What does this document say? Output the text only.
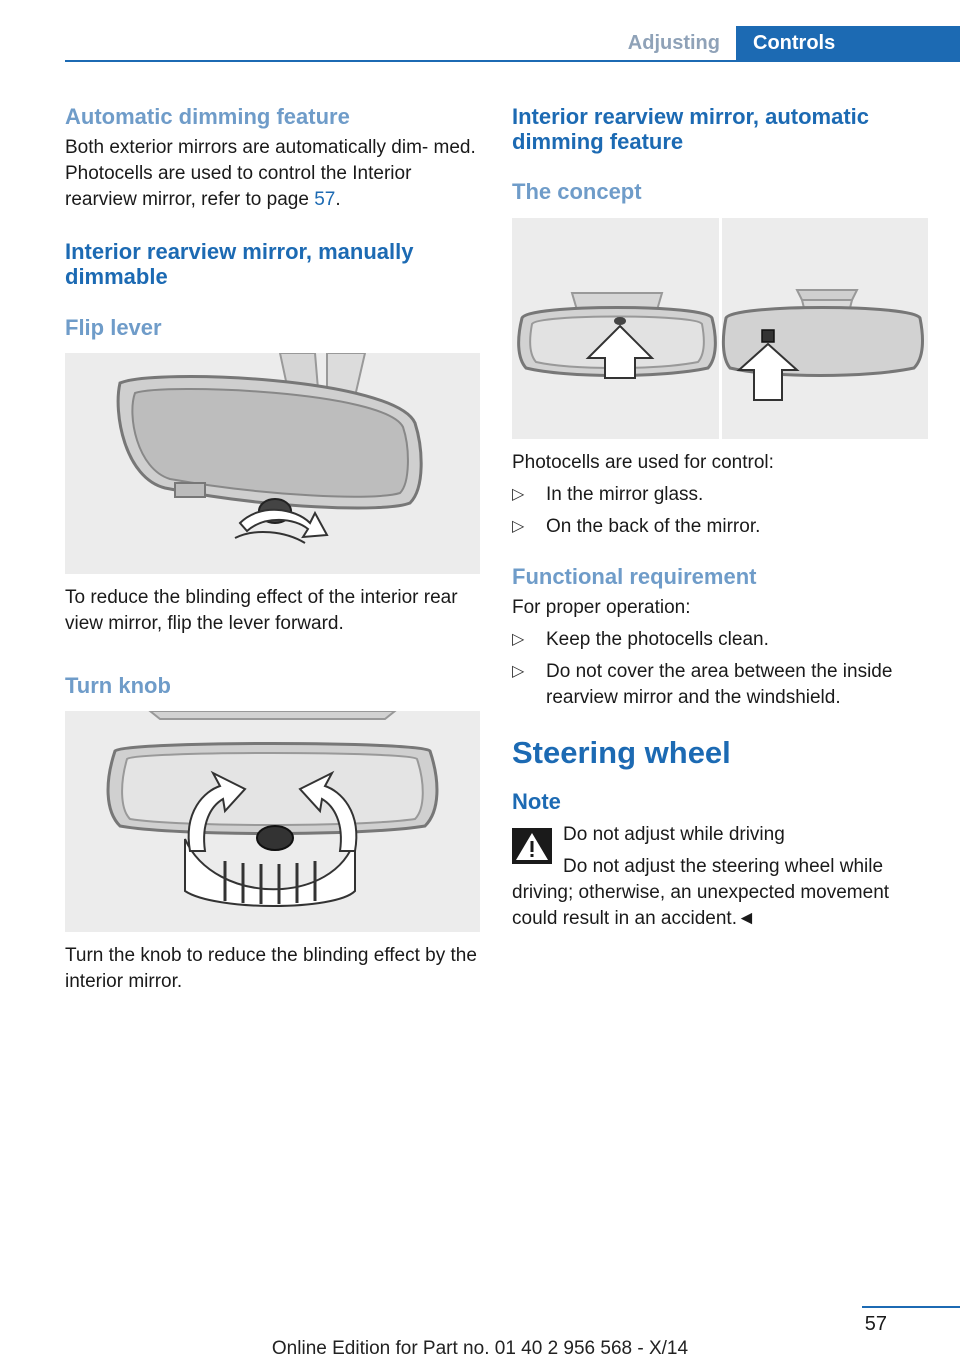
Adjusting	Controls
Automatic dimming feature

Both exterior mirrors are automatically dim- med. Photocells are used to control the Interior rearview mirror, refer to page 57.

Interior rearview mirror, manually dimmable
Flip lever

To reduce the blinding effect of the interior rear view mirror, flip the lever forward.

Turn knob

Turn the knob to reduce the blinding effect by the interior mirror.

Interior rearview mirror, automatic dimming feature
The concept

Photocells are used for control:

▷ In the mirror glass.
▷ On the back of the mirror.
Functional requirement

For proper operation:

▷ Keep the photocells clean.
▷ Do not cover the area between the inside rearview mirror and the windshield.
Steering wheel
Note

Do not adjust while driving

Do not adjust the steering wheel while driving; otherwise, an unexpected movement could result in an accident.◄

57
Online Edition for Part no. 01 40 2 956 568 - X/14
